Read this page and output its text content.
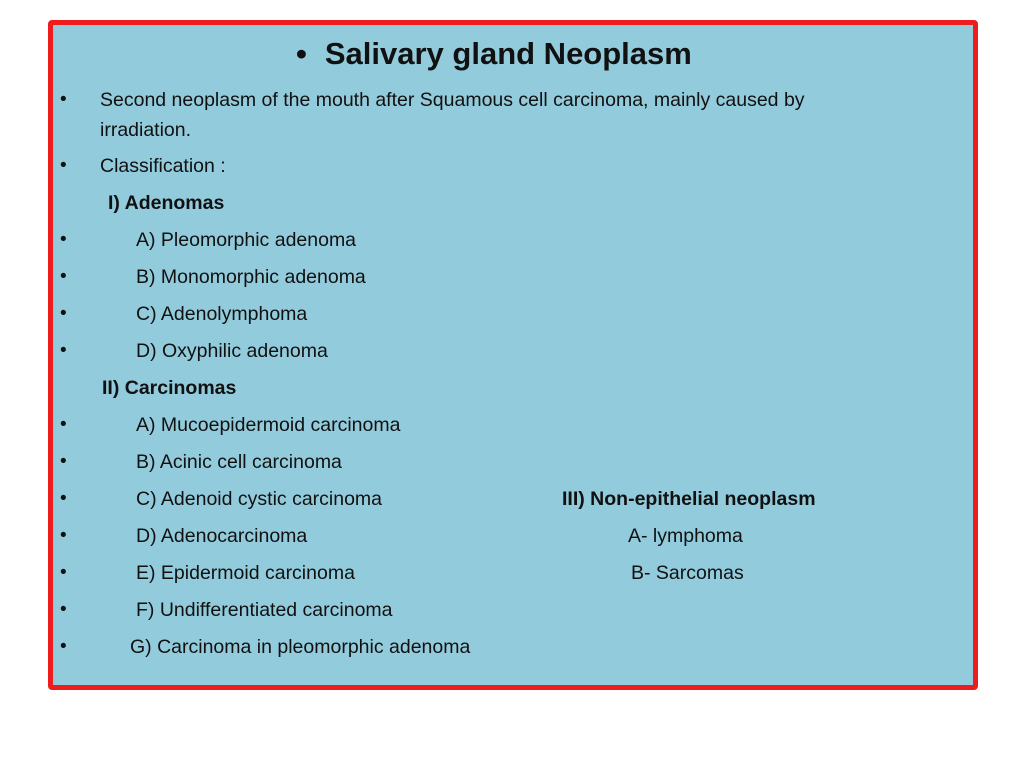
• Salivary gland Neoplasm
• Second neoplasm of the mouth after Squamous cell carcinoma, mainly caused by
irradiation.
• Classification :
I) Adenomas
•	A) Pleomorphic adenoma
•	B) Monomorphic adenoma
•	C) Adenolymphoma
•	D) Oxyphilic adenoma
II) Carcinomas
•	A) Mucoepidermoid carcinoma
•	B) Acinic cell carcinoma
•	C) Adenoid cystic carcinoma
•	D) Adenocarcinoma
•	E) Epidermoid carcinoma
•	F) Undifferentiated carcinoma
•	G) Carcinoma in pleomorphic adenoma
III) Non-epithelial neoplasm
A- lymphoma
B- Sarcomas
